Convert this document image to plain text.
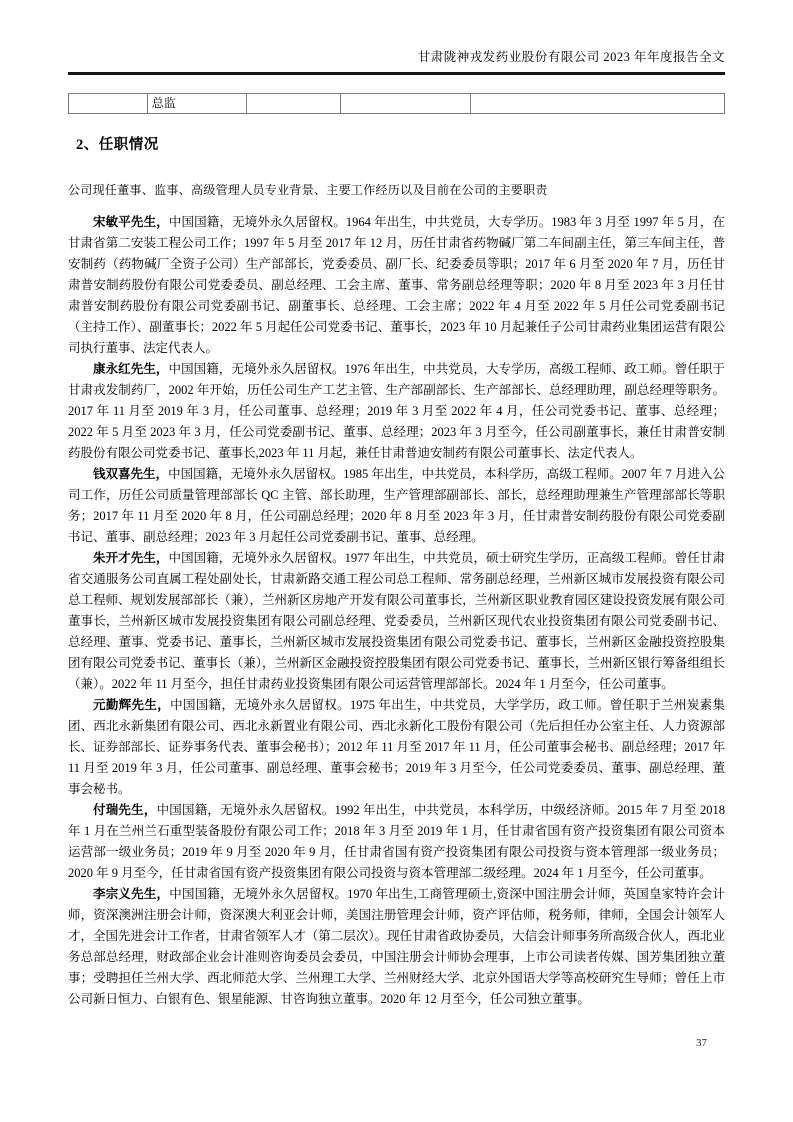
甘肃陇神戎发药业股份有限公司 2023 年年度报告全文
	总监			
2、任职情况

公司现任董事、监事、高级管理人员专业背景、主要工作经历以及目前在公司的主要职责

宋敏平先生，中国国籍，无境外永久居留权。1964 年出生，中共党员，大专学历。1983 年 3 月至 1997 年 5 月，在甘肃省第二安装工程公司工作；1997 年 5 月至 2017 年 12 月，历任甘肃省药物碱厂第二车间副主任，第三车间主任，普安制药（药物碱厂全资子公司）生产部部长，党委委员、副厂长、纪委委员等职；2017 年 6 月至 2020 年 7 月，历任甘肃普安制药股份有限公司党委委员、副总经理、工会主席、董事、常务副总经理等职；2020 年 8 月至 2023 年 3 月任甘肃普安制药股份有限公司党委副书记、副董事长、总经理、工会主席；2022 年 4 月至 2022 年 5 月任公司党委副书记（主持工作）、副董事长；2022 年 5 月起任公司党委书记、董事长，2023 年 10 月起兼任子公司甘肃药业集团运营有限公司执行董事、法定代表人。

康永红先生，中国国籍，无境外永久居留权。1976 年出生，中共党员，大专学历，高级工程师、政工师。曾任职于甘肃戎发制药厂，2002 年开始，历任公司生产工艺主管、生产部副部长、生产部部长、总经理助理，副总经理等职务。2017 年 11 月至 2019 年 3 月，任公司董事、总经理；2019 年 3 月至 2022 年 4 月，任公司党委书记、董事、总经理；2022 年 5 月至 2023 年 3 月，任公司党委副书记、董事、总经理；2023 年 3 月至今，任公司副董事长，兼任甘肃普安制药股份有限公司党委书记、董事长,2023 年 11 月起，兼任甘肃普迪安制药有限公司董事长、法定代表人。

钱双喜先生，中国国籍，无境外永久居留权。1985 年出生，中共党员，本科学历，高级工程师。2007 年 7 月进入公司工作，历任公司质量管理部部长 QC 主管、部长助理，生产管理部副部长、部长，总经理助理兼生产管理部部长等职务；2017 年 11 月至 2020 年 8 月，任公司副总经理；2020 年 8 月至 2023 年 3 月，任甘肃普安制药股份有限公司党委副书记、董事、副总经理；2023 年 3 月起任公司党委副书记、董事、总经理。

朱开才先生，中国国籍，无境外永久居留权。1977 年出生，中共党员，硕士研究生学历，正高级工程师。曾任甘肃省交通服务公司直属工程处副处长，甘肃新路交通工程公司总工程师、常务副总经理，兰州新区城市发展投资有限公司总工程师、规划发展部部长（兼），兰州新区房地产开发有限公司董事长，兰州新区职业教育园区建设投资发展有限公司董事长，兰州新区城市发展投资集团有限公司副总经理、党委委员，兰州新区现代农业投资集团有限公司党委副书记、总经理、董事、党委书记、董事长，兰州新区城市发展投资集团有限公司党委书记、董事长，兰州新区金融投资控股集团有限公司党委书记、董事长（兼），兰州新区金融投资控股集团有限公司党委书记、董事长，兰州新区银行筹备组组长（兼）。2022 年 11 月至今，担任甘肃药业投资集团有限公司运营管理部部长。2024 年 1 月至今，任公司董事。

元勤辉先生，中国国籍，无境外永久居留权。1975 年出生，中共党员，大学学历，政工师。曾任职于兰州炭素集团、西北永新集团有限公司、西北永新置业有限公司、西北永新化工股份有限公司（先后担任办公室主任、人力资源部长、证券部部长、证券事务代表、董事会秘书）；2012 年 11 月至 2017 年 11 月，任公司董事会秘书、副总经理；2017 年 11 月至 2019 年 3 月，任公司董事、副总经理、董事会秘书；2019 年 3 月至今，任公司党委委员、董事、副总经理、董事会秘书。

付瑞先生，中国国籍，无境外永久居留权。1992 年出生，中共党员，本科学历，中级经济师。2015 年 7 月至 2018 年 1 月在兰州兰石重型装备股份有限公司工作；2018 年 3 月至 2019 年 1 月，任甘肃省国有资产投资集团有限公司资本运营部一级业务员；2019 年 9 月至 2020 年 9 月，任甘肃省国有资产投资集团有限公司投资与资本管理部一级业务员；2020 年 9 月至今，任甘肃省国有资产投资集团有限公司投资与资本管理部二级经理。2024 年 1 月至今，任公司董事。

李宗义先生，中国国籍，无境外永久居留权。1970 年出生,工商管理硕士,资深中国注册会计师，英国皇家特许会计师，资深澳洲注册会计师，资深澳大利亚会计师，美国注册管理会计师，资产评估师，税务师，律师，全国会计领军人才，全国先进会计工作者，甘肃省领军人才（第二层次）。现任甘肃省政协委员，大信会计师事务所高级合伙人，西北业务总部总经理，财政部企业会计准则咨询委员会委员，中国注册会计师协会理事，上市公司读者传媒、国芳集团独立董事；受聘担任兰州大学、西北师范大学、兰州理工大学、兰州财经大学、北京外国语大学等高校研究生导师；曾任上市公司新日恒力、白银有色、银星能源、甘咨询独立董事。2020 年 12 月至今，任公司独立董事。

37
